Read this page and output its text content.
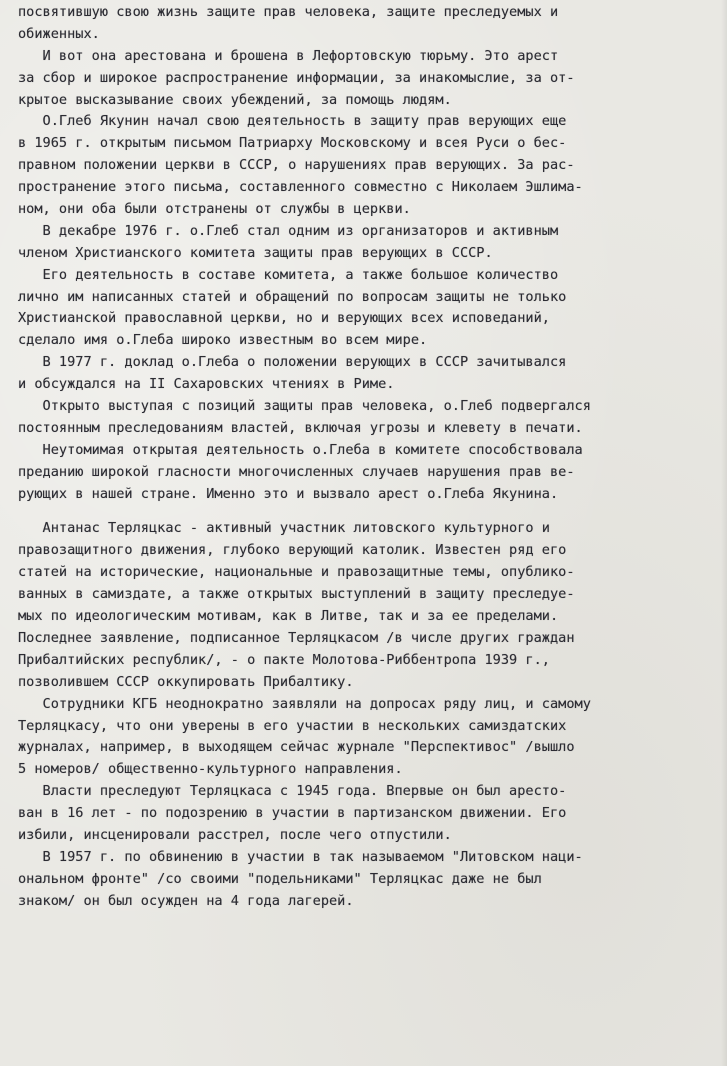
посвятившую свою жизнь защите прав человека, защите преследуемых и
обиженных.
И вот она арестована и брошена в Лефортовскую тюрьму. Это арест
за сбор и широкое распространение информации, за инакомыслие, за от-
крытое высказывание своих убеждений, за помощь людям.
О.Глеб Якунин начал свою деятельность в защиту прав верующих еще
в 1965 г. открытым письмом Патриарху Московскому и всея Руси о бес-
правном положении церкви в СССР, о нарушениях прав верующих. За рас-
пространение этого письма, составленного совместно с Николаем Эшлима-
ном, они оба были отстранены от службы в церкви.
В декабре 1976 г. о.Глеб стал одним из организаторов и активным
членом Христианского комитета защиты прав верующих в СССР.
Его деятельность в составе комитета, а также большое количество
лично им написанных статей и обращений по вопросам защиты не только
Христианской православной церкви, но и верующих всех исповеданий,
сделало имя о.Глеба широко известным во всем мире.
В 1977 г. доклад о.Глеба о положении верующих в СССР зачитывался
и обсуждался на II Сахаровских чтениях в Риме.
Открыто выступая с позиций защиты прав человека, о.Глеб подвергался
постоянным преследованиям властей, включая угрозы и клевету в печати.
Неутомимая открытая деятельность о.Глеба в комитете способствовала
преданию широкой гласности многочисленных случаев нарушения прав ве-
рующих в нашей стране. Именно это и вызвало арест о.Глеба Якунина.
Антанас Терляцкас - активный участник литовского культурного и
правозащитного движения, глубоко верующий католик. Известен ряд его
статей на исторические, национальные и правозащитные темы, опублико-
ванных в самиздате, а также открытых выступлений в защиту преследуе-
мых по идеологическим мотивам, как в Литве, так и за ее пределами.
Последнее заявление, подписанное Терляцкасом /в числе других граждан
Прибалтийских республик/, - о пакте Молотова-Риббентропа 1939 г.,
позволившем СССР оккупировать Прибалтику.
Сотрудники КГБ неоднократно заявляли на допросах ряду лиц, и самому
Терляцкасу, что они уверены в его участии в нескольких самиздатских
журналах, например, в выходящем сейчас журнале "Перспективос" /вышло
5 номеров/ общественно-культурного направления.
Власти преследуют Терляцкаса с 1945 года. Впервые он был аресто-
ван в 16 лет - по подозрению в участии в партизанском движении. Его
избили, инсценировали расстрел, после чего отпустили.
В 1957 г. по обвинению в участии в так называемом "Литовском наци-
ональном фронте" /со своими "подельниками" Терляцкас даже не был
знаком/ он был осужден на 4 года лагерей.
